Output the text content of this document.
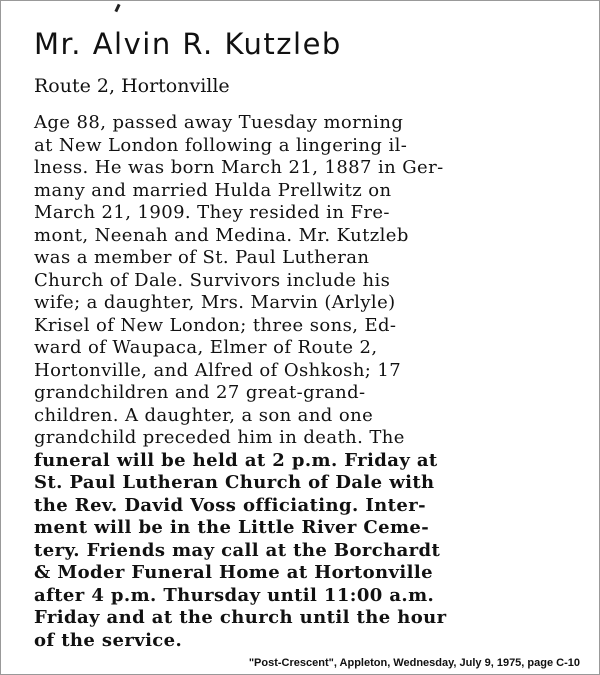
Mr. Alvin R. Kutzleb

Route 2, Hortonville

Age 88, passed away Tuesday morning
at New London following a lingering il-
lness. He was born March 21, 1887 in Ger-
many and married Hulda Prellwitz on
March 21, 1909. They resided in Fre-
mont, Neenah and Medina. Mr. Kutzleb
was a member of St. Paul Lutheran
Church of Dale. Survivors include his
wife; a daughter, Mrs. Marvin (Arlyle)
Krisel of New London; three sons, Ed-
ward of Waupaca, Elmer of Route 2,
Hortonville, and Alfred of Oshkosh; 17
grandchildren and 27 great-grand-
children. A daughter, a son and one
grandchild preceded him in death. The
funeral will be held at 2 p.m. Friday at
St. Paul Lutheran Church of Dale with
the Rev. David Voss officiating. Inter-
ment will be in the Little River Ceme-
tery. Friends may call at the Borchardt
& Moder Funeral Home at Hortonville
after 4 p.m. Thursday until 11:00 a.m.
Friday and at the church until the hour
of the service.

"Post-Crescent", Appleton, Wednesday, July 9, 1975, page C-10
